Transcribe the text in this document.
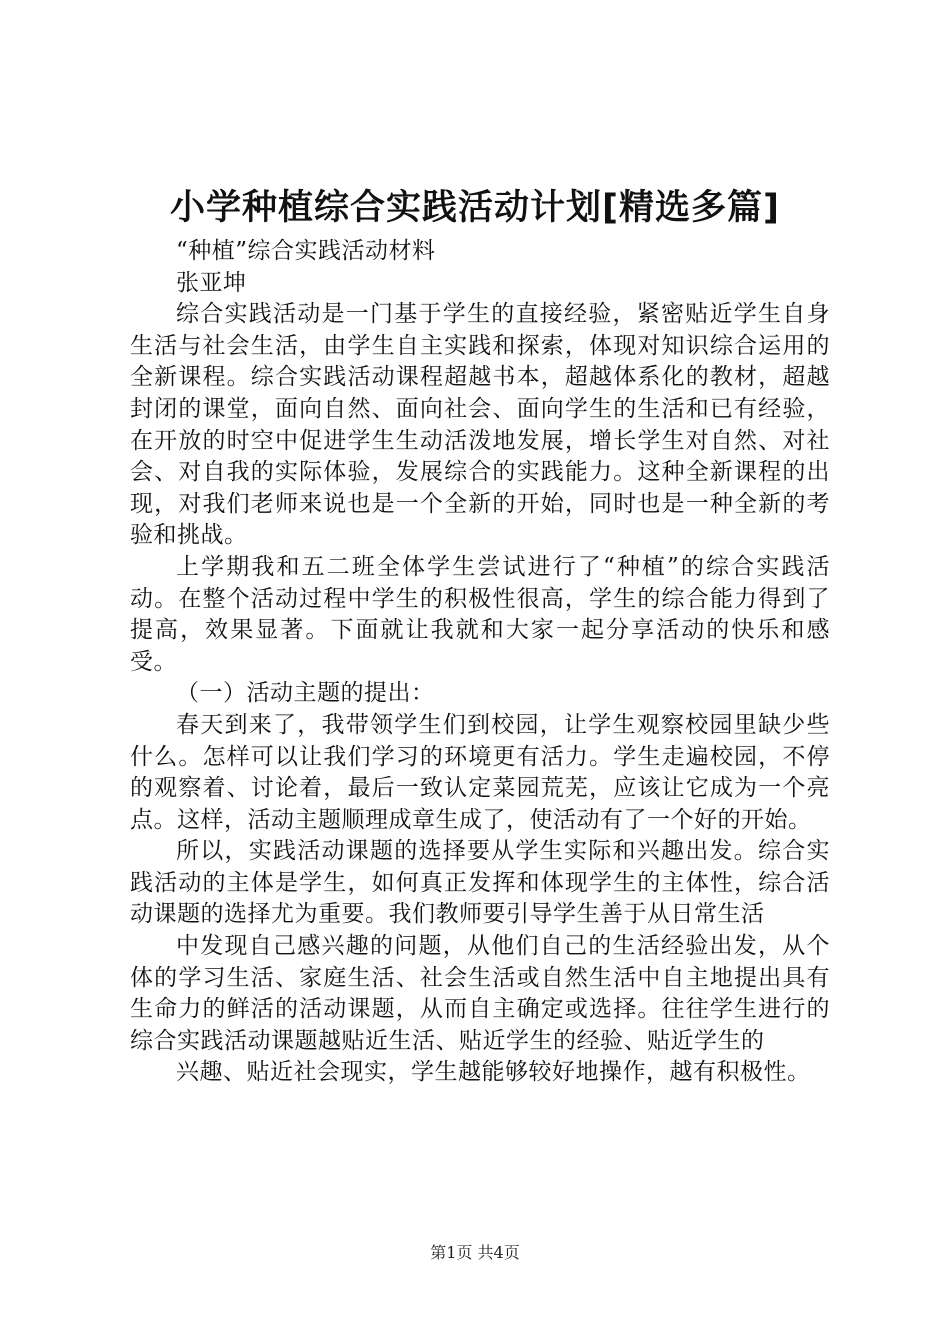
小学种植综合实践活动计划[精选多篇]

“种植”综合实践活动材料

张亚坤

综合实践活动是一门基于学生的直接经验，紧密贴近学生自身生活与社会生活，由学生自主实践和探索，体现对知识综合运用的全新课程。综合实践活动课程超越书本，超越体系化的教材，超越封闭的课堂，面向自然、面向社会、面向学生的生活和已有经验，在开放的时空中促进学生生动活泼地发展，增长学生对自然、对社会、对自我的实际体验，发展综合的实践能力。这种全新课程的出现，对我们老师来说也是一个全新的开始，同时也是一种全新的考验和挑战。

上学期我和五二班全体学生尝试进行了“种植”的综合实践活动。在整个活动过程中学生的积极性很高，学生的综合能力得到了提高，效果显著。下面就让我就和大家一起分享活动的快乐和感受。

（一）活动主题的提出：

春天到来了，我带领学生们到校园，让学生观察校园里缺少些什么。怎样可以让我们学习的环境更有活力。学生走遍校园，不停的观察着、讨论着，最后一致认定菜园荒芜，应该让它成为一个亮点。这样，活动主题顺理成章生成了，使活动有了一个好的开始。

所以，实践活动课题的选择要从学生实际和兴趣出发。综合实践活动的主体是学生，如何真正发挥和体现学生的主体性，综合活动课题的选择尤为重要。我们教师要引导学生善于从日常生活

中发现自己感兴趣的问题，从他们自己的生活经验出发，从个体的学习生活、家庭生活、社会生活或自然生活中自主地提出具有生命力的鲜活的活动课题，从而自主确定或选择。往往学生进行的综合实践活动课题越贴近生活、贴近学生的经验、贴近学生的

兴趣、贴近社会现实，学生越能够较好地操作，越有积极性。

第1页 共4页
